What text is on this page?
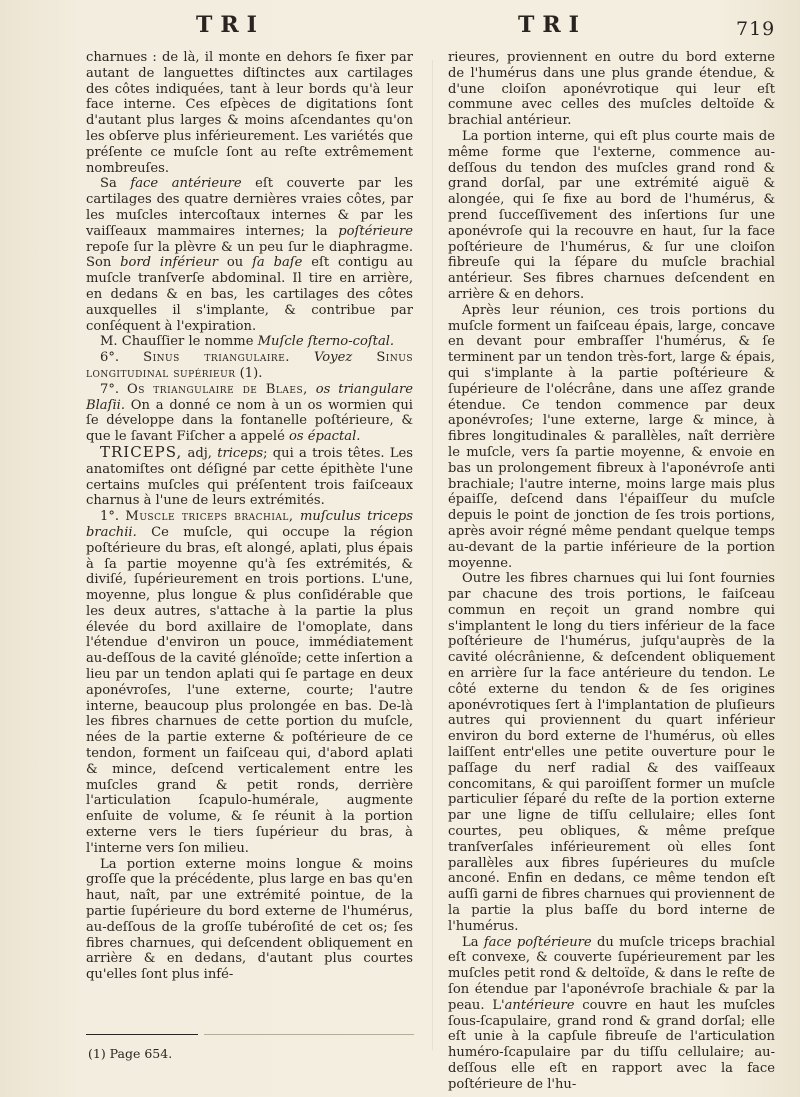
TRI	TRI	719

charnues : de là, il monte en dehors ſe fixer par autant de languettes diſtinctes aux cartilages des côtes indiquées, tant à leur bords qu'à leur face interne. Ces eſpèces de digitations ſont d'autant plus larges & moins aſcendantes qu'on les obſerve plus inférieurement. Les variétés que préſente ce muſcle ſont au reſte extrêmement nombreuſes.

Sa face antérieure eſt couverte par les cartilages des quatre dernières vraies côtes, par les muſcles intercoſtaux internes & par les vaiſſeaux mammaires internes; la poſtérieure repoſe ſur la plèvre & un peu ſur le diaphragme. Son bord inférieur ou ſa baſe eſt contigu au muſcle tranſverſe abdominal. Il tire en arrière, en dedans & en bas, les cartilages des côtes auxquelles il s'implante, & contribue par conſéquent à l'expiration.

M. Chauſſier le nomme Muſcle ſterno-coſtal.

6°. Sinus triangulaire. Voyez Sinus longitudinal supérieur (1).

7°. Os triangulaire de Blaes, os triangulare Blaſii. On a donné ce nom à un os wormien qui ſe développe dans la fontanelle poſtérieure, & que le ſavant Fiſcher a appelé os épactal.

TRICEPS, adj, triceps; qui a trois têtes. Les anatomiſtes ont déſigné par cette épithète l'une certains muſcles qui préſentent trois faiſceaux charnus à l'une de leurs extrémités.

1°. Muscle triceps brachial, muſculus triceps brachii. Ce muſcle, qui occupe la région poſtérieure du bras, eſt alongé, aplati, plus épais à ſa partie moyenne qu'à ſes extrémités, & diviſé, ſupérieurement en trois portions. L'une, moyenne, plus longue & plus conſidérable que les deux autres, s'attache à la partie la plus élevée du bord axillaire de l'omoplate, dans l'étendue d'environ un pouce, immédiatement au-deſſous de la cavité glénoïde; cette inſertion a lieu par un tendon aplati qui ſe partage en deux aponévroſes, l'une externe, courte; l'autre interne, beaucoup plus prolongée en bas. De-là les fibres charnues de cette portion du muſcle, nées de la partie externe & poſtérieure de ce tendon, forment un faiſceau qui, d'abord aplati & mince, deſcend verticalement entre les muſcles grand & petit ronds, derrière l'articulation ſcapulo-humérale, augmente enſuite de volume, & ſe réunit à la portion externe vers le tiers ſupérieur du bras, à l'interne vers ſon milieu.

La portion externe moins longue & moins groſſe que la précédente, plus large en bas qu'en haut, naît, par une extrémité pointue, de la partie ſupérieure du bord externe de l'humérus, au-deſſous de la groſſe tubéroſité de cet os; ſes fibres charnues, qui deſcendent obliquement en arrière & en dedans, d'autant plus courtes qu'elles ſont plus infé-

rieures, proviennent en outre du bord externe de l'humérus dans une plus grande étendue, & d'une cloiſon aponévrotique qui leur eſt commune avec celles des muſcles deltoïde & brachial antérieur.

La portion interne, qui eſt plus courte mais de même forme que l'externe, commence au-deſſous du tendon des muſcles grand rond & grand dorſal, par une extrémité aiguë & alongée, qui ſe fixe au bord de l'humérus, & prend ſucceſſivement des inſertions ſur une aponévroſe qui la recouvre en haut, ſur la face poſtérieure de l'humérus, & ſur une cloiſon fibreuſe qui la ſépare du muſcle brachial antérieur. Ses fibres charnues deſcendent en arrière & en dehors.

Après leur réunion, ces trois portions du muſcle forment un faiſceau épais, large, concave en devant pour embraſſer l'humérus, & ſe terminent par un tendon très-fort, large & épais, qui s'implante à la partie poſtérieure & ſupérieure de l'olécrâne, dans une aſſez grande étendue. Ce tendon commence par deux aponévroſes; l'une externe, large & mince, à fibres longitudinales & parallèles, naît derrière le muſcle, vers ſa partie moyenne, & envoie en bas un prolongement fibreux à l'aponévroſe anti brachiale; l'autre interne, moins large mais plus épaiſſe, deſcend dans l'épaiſſeur du muſcle depuis le point de jonction de ſes trois portions, après avoir régné même pendant quelque temps au-devant de la partie inférieure de la portion moyenne.

Outre les fibres charnues qui lui ſont fournies par chacune des trois portions, le faiſceau commun en reçoit un grand nombre qui s'implantent le long du tiers inférieur de la face poſtérieure de l'humérus, juſqu'auprès de la cavité olécrânienne, & deſcendent obliquement en arrière ſur la face antérieure du tendon. Le côté externe du tendon & de ſes origines aponévrotiques ſert à l'implantation de pluſieurs autres qui proviennent du quart inférieur environ du bord externe de l'humérus, où elles laiſſent entr'elles une petite ouverture pour le paſſage du nerf radial & des vaiſſeaux concomitans, & qui paroiſſent former un muſcle particulier ſéparé du reſte de la portion externe par une ligne de tiſſu cellulaire; elles ſont courtes, peu obliques, & même preſque tranſverſales inférieurement où elles ſont parallèles aux fibres ſupérieures du muſcle anconé. Enfin en dedans, ce même tendon eſt auſſi garni de fibres charnues qui proviennent de la partie la plus baſſe du bord interne de l'humérus.

La face poſtérieure du muſcle triceps brachial eſt convexe, & couverte ſupérieurement par les muſcles petit rond & deltoïde, & dans le reſte de ſon étendue par l'aponévroſe brachiale & par la peau. L'antérieure couvre en haut les muſcles ſous-ſcapulaire, grand rond & grand dorſal; elle eſt unie à la capſule fibreuſe de l'articulation huméro-ſcapulaire par du tiſſu cellulaire; au-deſſous elle eſt en rapport avec la face poſtérieure de l'hu-

(1) Page 654.
